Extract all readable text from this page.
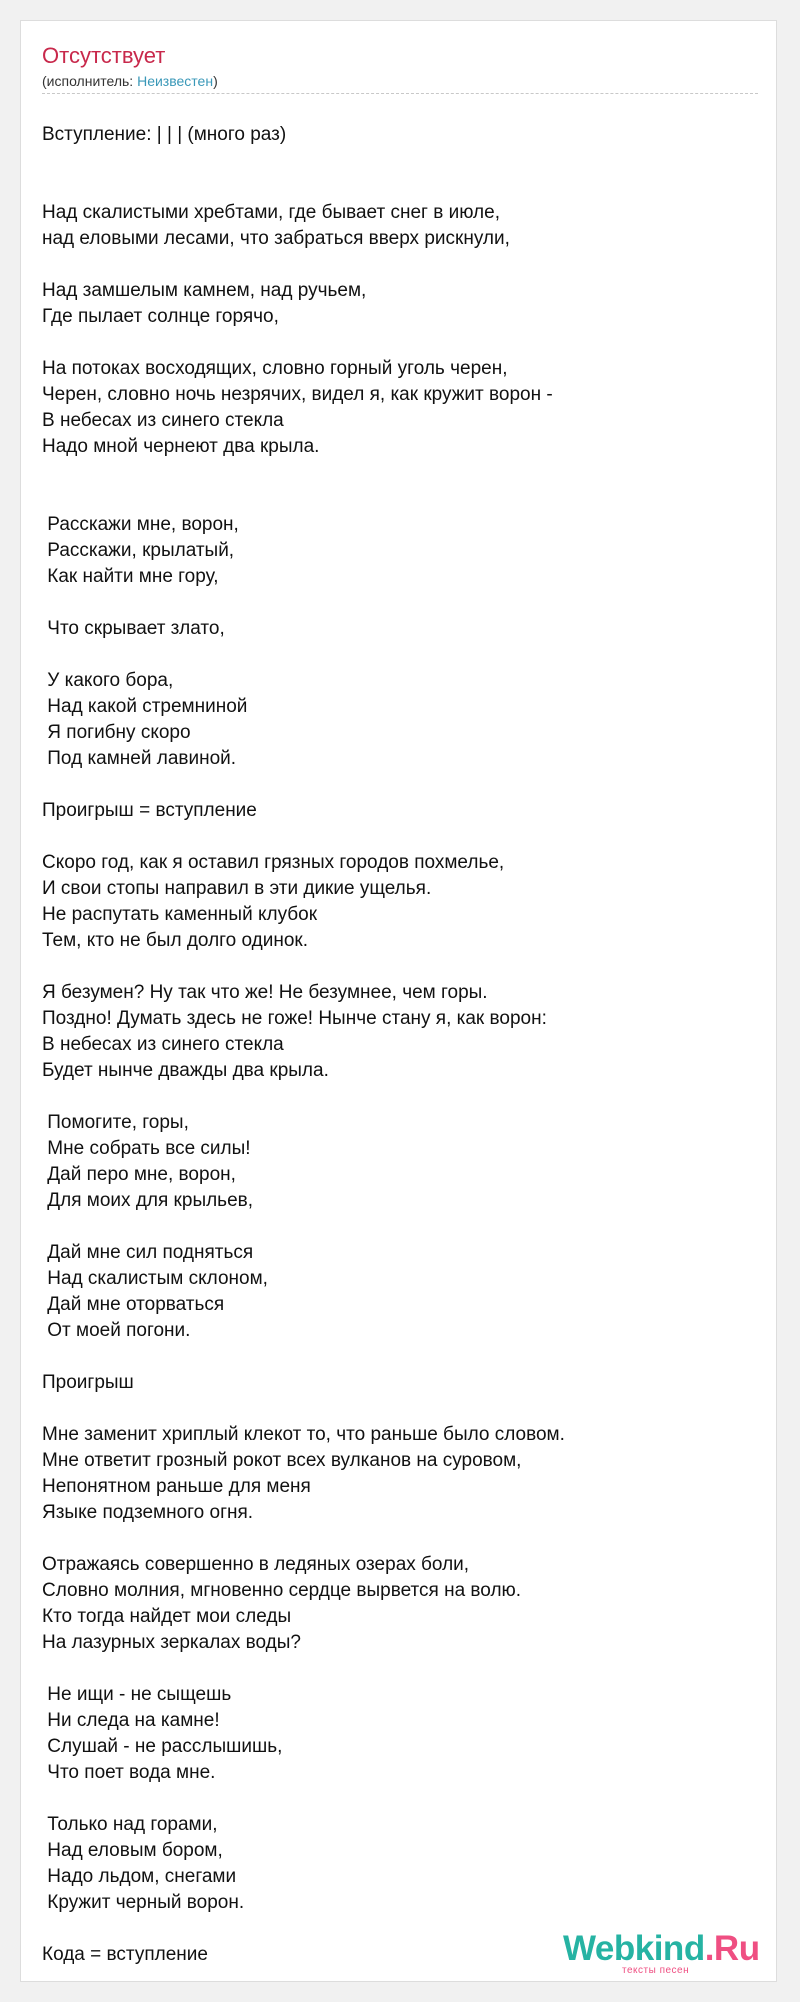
Отсутствует
(исполнитель: Неизвестен)
Вступление: | | | (много раз)
Над скалистыми хребтами, где бывает снег в июле,
над еловыми лесами, что забраться вверх рискнули,
Над замшелым камнем, над ручьем,
Где пылает солнце горячо,
На потоках восходящих, словно горный уголь черен,
Черен, словно ночь незрячих, видел я, как кружит ворон -
В небесах из синего стекла
Надо мной чернеют два крыла.
Расскажи мне, ворон,
Расскажи, крылатый,
Как найти мне гору,
Что скрывает злато,
У какого бора,
Над какой стремниной
Я погибну скоро
Под камней лавиной.
Проигрыш = вступление
Скоро год, как я оставил грязных городов похмелье,
И свои стопы направил в эти дикие ущелья.
Не распутать каменный клубок
Тем, кто не был долго одинок.
Я безумен? Ну так что же! Не безумнее, чем горы.
Поздно! Думать здесь не гоже! Нынче стану я, как ворон:
В небесах из синего стекла
Будет нынче дважды два крыла.
Помогите, горы,
Мне собрать все силы!
Дай перо мне, ворон,
Для моих для крыльев,
Дай мне сил подняться
Над скалистым склоном,
Дай мне оторваться
От моей погони.
Проигрыш
Мне заменит хриплый клекот то, что раньше было словом.
Мне ответит грозный рокот всех вулканов на суровом,
Непонятном раньше для меня
Языке подземного огня.
Отражаясь совершенно в ледяных озерах боли,
Словно молния, мгновенно сердце вырвется на волю.
Кто тогда найдет мои следы
На лазурных зеркалах воды?
Не ищи - не сыщешь
Ни следа на камне!
Слушай - не расслышишь,
Что поет вода мне.
Только над горами,
Над еловым бором,
Надо льдом, снегами
Кружит черный ворон.
Кода = вступление	Webkind.Ru
тексты песен
